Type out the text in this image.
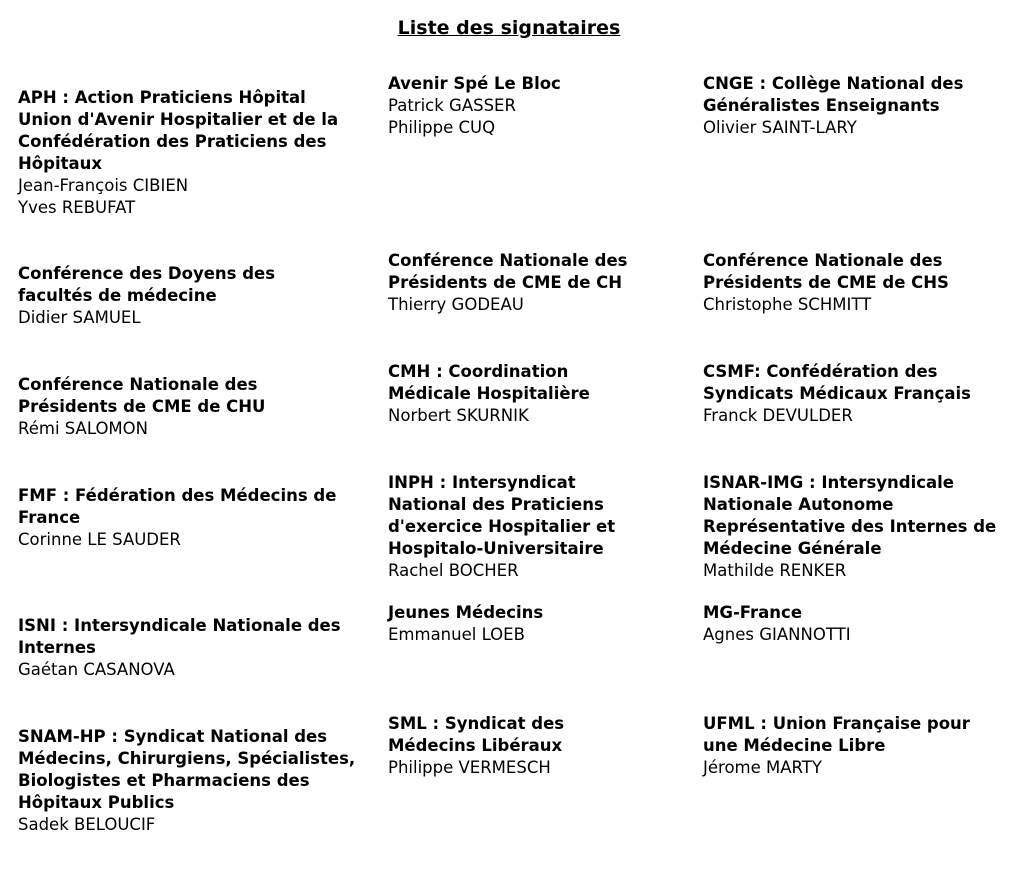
Liste des signataires
APH : Action Praticiens Hôpital Union d'Avenir Hospitalier et de la Confédération des Praticiens des Hôpitaux
Jean-François CIBIEN
Yves REBUFAT
Avenir Spé Le Bloc
Patrick GASSER
Philippe CUQ
CNGE : Collège National des Généralistes Enseignants
Olivier SAINT-LARY
Conférence des Doyens des facultés de médecine
Didier SAMUEL
Conférence Nationale des Présidents de CME de CH
Thierry GODEAU
Conférence Nationale des Présidents de CME de CHS
Christophe SCHMITT
Conférence Nationale des Présidents de CME de CHU
Rémi SALOMON
CMH : Coordination Médicale Hospitalière
Norbert SKURNIK
CSMF: Confédération des Syndicats Médicaux Français
Franck DEVULDER
FMF : Fédération des Médecins de France
Corinne LE SAUDER
INPH : Intersyndicat National des Praticiens d'exercice Hospitalier et Hospitalo-Universitaire
Rachel BOCHER
ISNAR-IMG : Intersyndicale Nationale Autonome Représentative des Internes de Médecine Générale
Mathilde RENKER
ISNI : Intersyndicale Nationale des Internes
Gaétan CASANOVA
Jeunes Médecins
Emmanuel LOEB
MG-France
Agnes GIANNOTTI
SNAM-HP : Syndicat National des Médecins, Chirurgiens, Spécialistes, Biologistes et Pharmaciens des Hôpitaux Publics
Sadek BELOUCIF
SML : Syndicat des Médecins Libéraux
Philippe VERMESCH
UFML : Union Française pour une Médecine Libre
Jérome MARTY
